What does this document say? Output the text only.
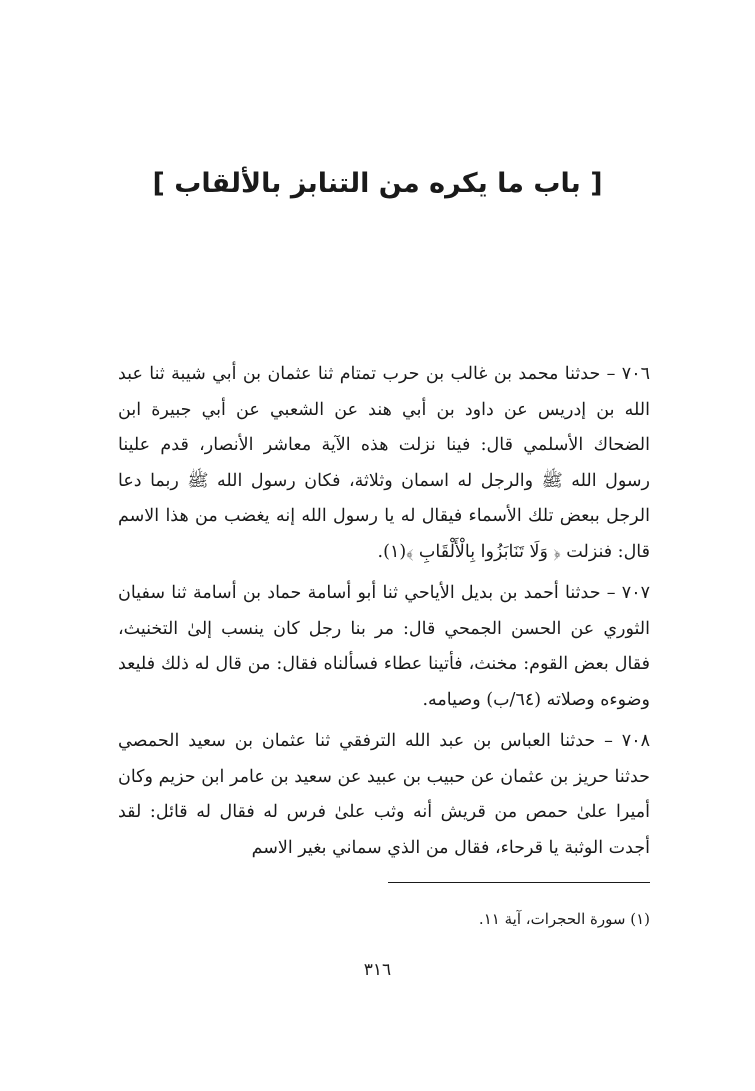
[ باب ما يكره من التنابز بالألقاب ]

٧٠٦ – حدثنا محمد بن غالب بن حرب تمتام ثنا عثمان بن أبي شيبة ثنا عبد الله بن إدريس عن داود بن أبي هند عن الشعبي عن أبي جبيرة ابن الضحاك الأسلمي قال: فينا نزلت هذه الآية معاشر الأنصار، قدم علينا رسول الله ﷺ والرجل له اسمان وثلاثة، فكان رسول الله ﷺ ربما دعا الرجل ببعض تلك الأسماء فيقال له يا رسول الله إنه يغضب من هذا الاسم قال: فنزلت ﴿ وَلَا تَنَابَزُوا بِالْأَلْقَابِ ﴾(١).

٧٠٧ – حدثنا أحمد بن بديل الأياحي ثنا أبو أسامة حماد بن أسامة ثنا سفيان الثوري عن الحسن الجمحي قال: مر بنا رجل كان ينسب إلىٰ التخنيث، فقال بعض القوم: مخنث، فأتينا عطاء فسألناه فقال: من قال له ذلك فليعد وضوءه وصلاته (٦٤/ب) وصيامه.

٧٠٨ – حدثنا العباس بن عبد الله الترفقي ثنا عثمان بن سعيد الحمصي حدثنا حريز بن عثمان عن حبيب بن عبيد عن سعيد بن عامر ابن حزيم وكان أميرا علىٰ حمص من قريش أنه وثب علىٰ فرس له فقال له قائل: لقد أجدت الوثبة يا قرحاء، فقال من الذي سماني بغير الاسم

(١) سورة الحجرات، آية ١١.
٣١٦
